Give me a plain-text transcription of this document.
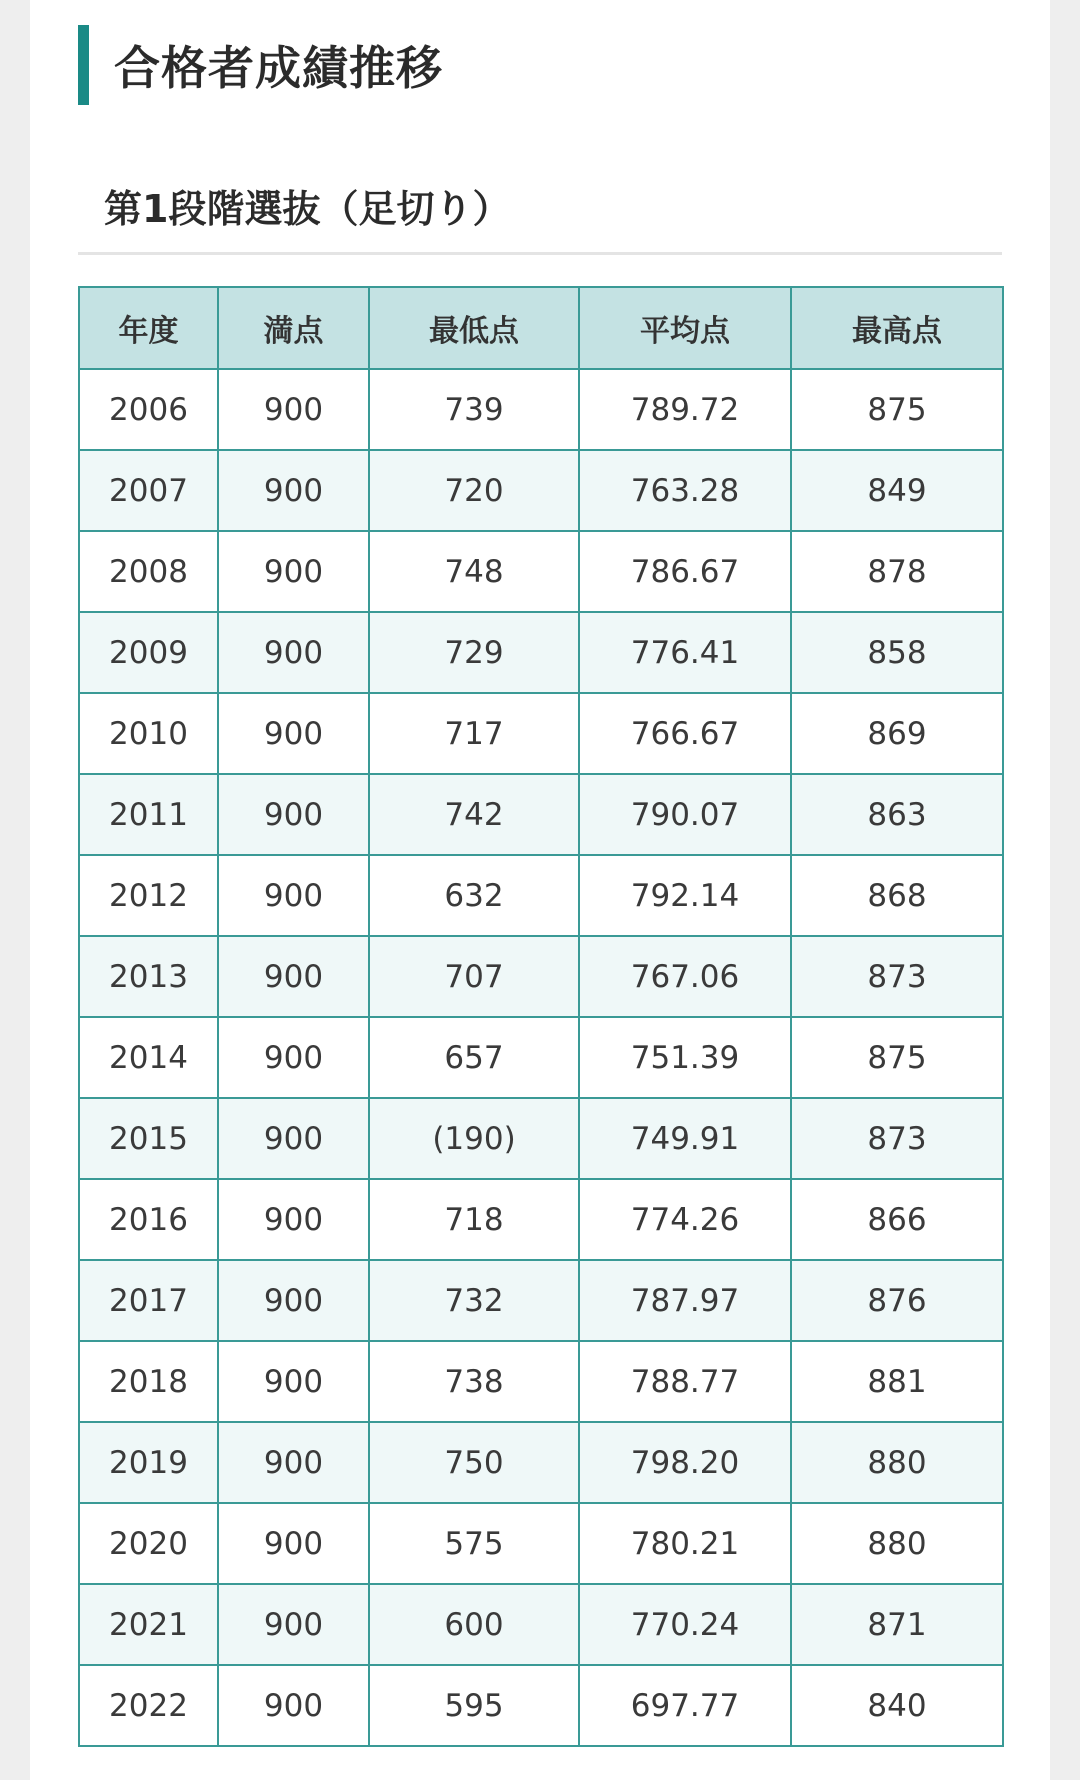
合格者成績推移
第1段階選抜（足切り）
年度	満点	最低点	平均点	最高点
2006	900	739	789.72	875
2007	900	720	763.28	849
2008	900	748	786.67	878
2009	900	729	776.41	858
2010	900	717	766.67	869
2011	900	742	790.07	863
2012	900	632	792.14	868
2013	900	707	767.06	873
2014	900	657	751.39	875
2015	900	(190)	749.91	873
2016	900	718	774.26	866
2017	900	732	787.97	876
2018	900	738	788.77	881
2019	900	750	798.20	880
2020	900	575	780.21	880
2021	900	600	770.24	871
2022	900	595	697.77	840
